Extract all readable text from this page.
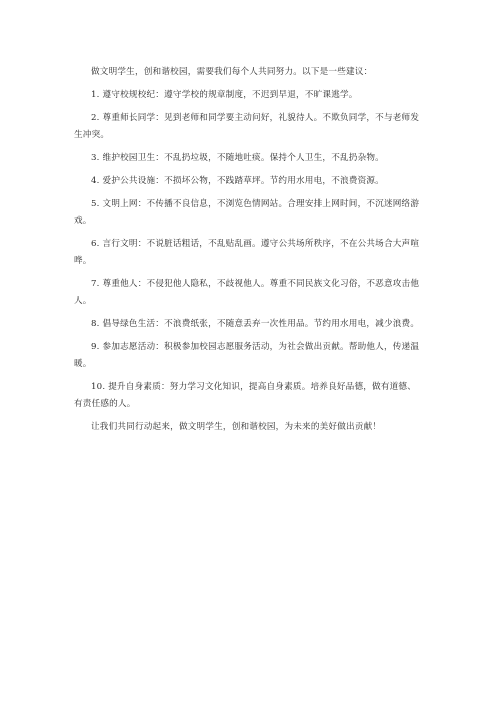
做文明学生，创和谐校园，需要我们每个人共同努力。以下是一些建议：

1. 遵守校规校纪：遵守学校的规章制度，不迟到早退，不旷课逃学。

2. 尊重师长同学：见到老师和同学要主动问好，礼貌待人。不欺负同学，不与老师发生冲突。

3. 维护校园卫生：不乱扔垃圾，不随地吐痰。保持个人卫生，不乱扔杂物。

4. 爱护公共设施：不损坏公物，不践踏草坪。节约用水用电，不浪费资源。

5. 文明上网：不传播不良信息，不浏览色情网站。合理安排上网时间，不沉迷网络游戏。

6. 言行文明：不说脏话粗话，不乱贴乱画。遵守公共场所秩序，不在公共场合大声喧哗。

7. 尊重他人：不侵犯他人隐私，不歧视他人。尊重不同民族文化习俗，不恶意攻击他人。

8. 倡导绿色生活：不浪费纸张，不随意丢弃一次性用品。节约用水用电，减少浪费。

9. 参加志愿活动：积极参加校园志愿服务活动，为社会做出贡献。帮助他人，传递温暖。

10. 提升自身素质：努力学习文化知识，提高自身素质。培养良好品德，做有道德、有责任感的人。

让我们共同行动起来，做文明学生，创和谐校园，为未来的美好做出贡献！
